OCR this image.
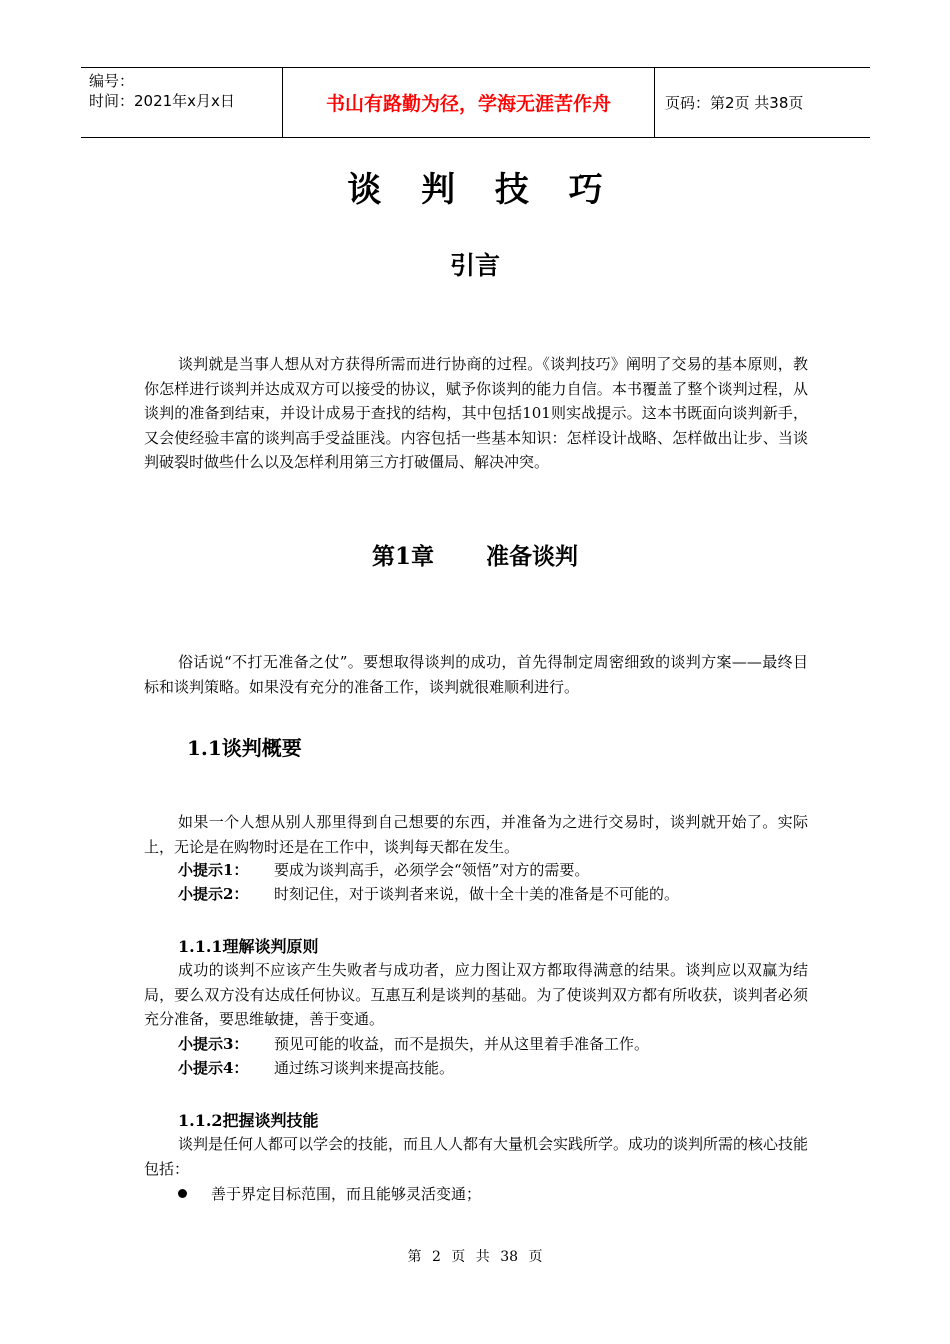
编号：
时间：2021年x月x日	书山有路勤为径，学海无涯苦作舟	页码：第2页 共38页
谈 判 技 巧
引言

谈判就是当事人想从对方获得所需而进行协商的过程。《谈判技巧》阐明了交易的基本原则，教你怎样进行谈判并达成双方可以接受的协议，赋予你谈判的能力自信。本书覆盖了整个谈判过程，从谈判的准备到结束，并设计成易于查找的结构，其中包括101则实战提示。这本书既面向谈判新手，又会使经验丰富的谈判高手受益匪浅。内容包括一些基本知识：怎样设计战略、怎样做出让步、当谈判破裂时做些什么以及怎样利用第三方打破僵局、解决冲突。

第1章 准备谈判

俗话说“不打无准备之仗”。要想取得谈判的成功，首先得制定周密细致的谈判方案——最终目标和谈判策略。如果没有充分的准备工作，谈判就很难顺利进行。

1.1谈判概要

如果一个人想从别人那里得到自己想要的东西，并准备为之进行交易时，谈判就开始了。实际上，无论是在购物时还是在工作中，谈判每天都在发生。

小提示1： 要成为谈判高手，必须学会“领悟”对方的需要。
小提示2： 时刻记住，对于谈判者来说，做十全十美的准备是不可能的。
1.1.1理解谈判原则

成功的谈判不应该产生失败者与成功者，应力图让双方都取得满意的结果。谈判应以双赢为结局，要么双方没有达成任何协议。互惠互利是谈判的基础。为了使谈判双方都有所收获，谈判者必须充分准备，要思维敏捷，善于变通。

小提示3： 预见可能的收益，而不是损失，并从这里着手准备工作。
小提示4： 通过练习谈判来提高技能。
1.1.2把握谈判技能

谈判是任何人都可以学会的技能，而且人人都有大量机会实践所学。成功的谈判所需的核心技能包括：

善于界定目标范围，而且能够灵活变通；
第 2 页 共 38 页
